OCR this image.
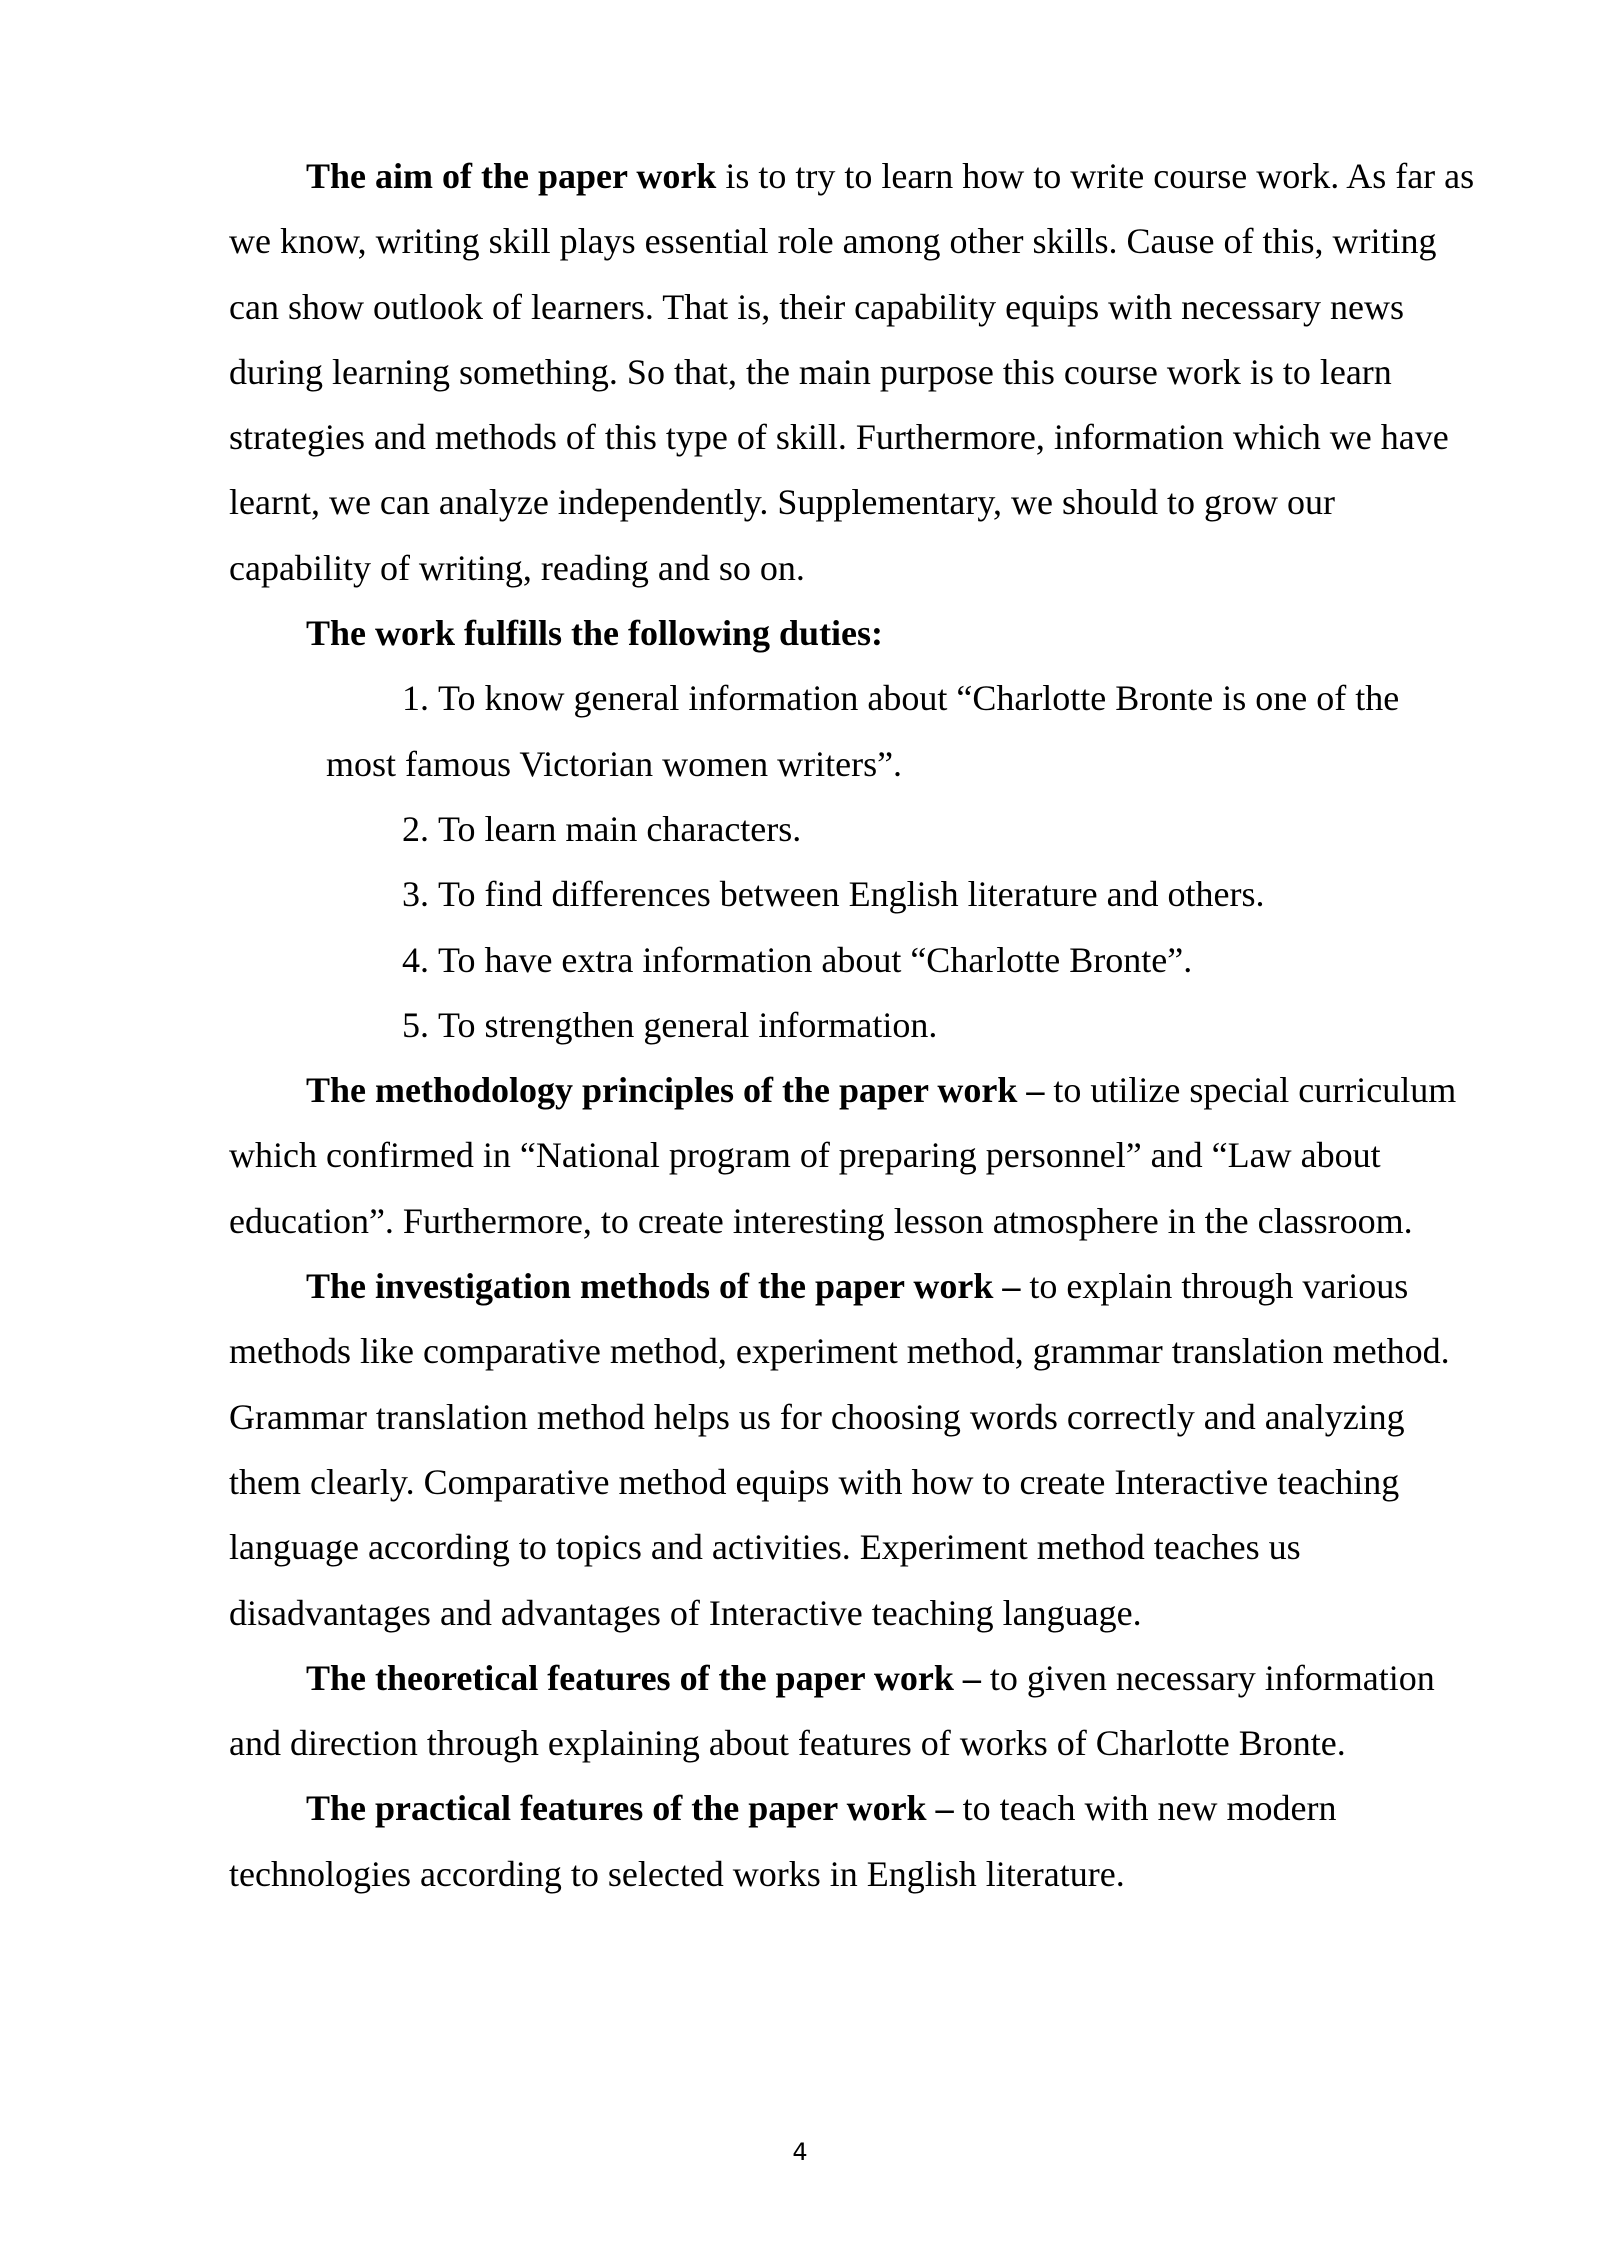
The aim of the paper work is to try to learn how to write course work. As far as we know, writing skill plays essential role among other skills. Cause of this, writing can show outlook of learners. That is, their capability equips with necessary news during learning something. So that, the main purpose this course work is to learn strategies and methods of this type of skill. Furthermore, information which we have learnt, we can analyze independently. Supplementary, we should to grow our capability of writing, reading and so on.

The work fulfills the following duties:

1. To know general information about “Charlotte Bronte is one of the
most famous Victorian women writers”.
2. To learn main characters.
3. To find differences between English literature and others.
4. To have extra information about “Charlotte Bronte”.
5. To strengthen general information.

The methodology principles of the paper work – to utilize special curriculum which confirmed in “National program of preparing personnel” and “Law about education”. Furthermore, to create interesting lesson atmosphere in the classroom.

The investigation methods of the paper work – to explain through various methods like comparative method, experiment method, grammar translation method. Grammar translation method helps us for choosing words correctly and analyzing them clearly. Comparative method equips with how to create Interactive teaching language according to topics and activities. Experiment method teaches us disadvantages and advantages of Interactive teaching language.

The theoretical features of the paper work – to given necessary information and direction through explaining about features of works of Charlotte Bronte.

The practical features of the paper work – to teach with new modern technologies according to selected works in English literature.

4
